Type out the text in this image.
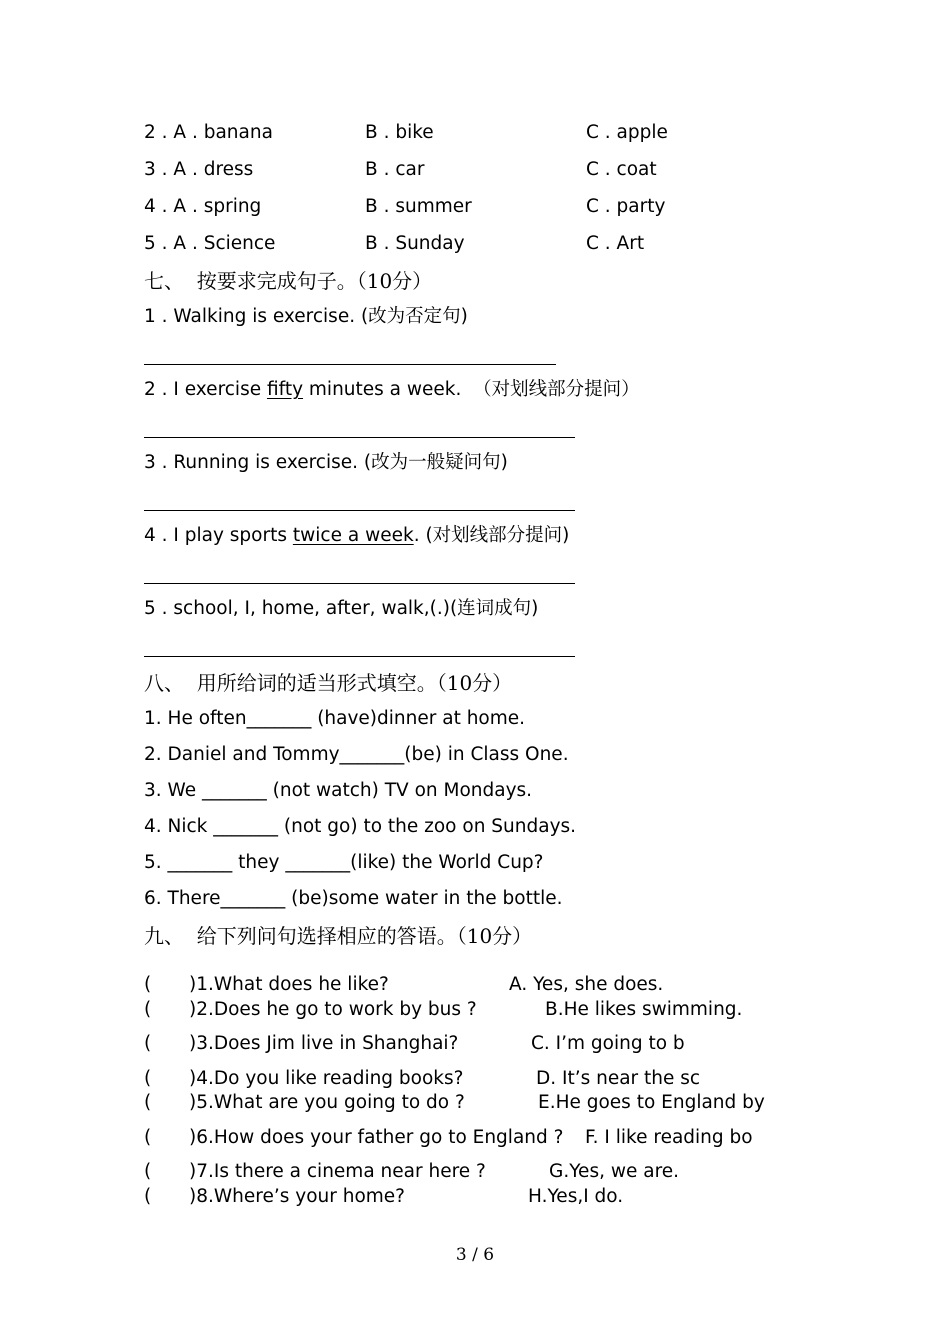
2 . A . banana	B . bike	C . apple
3 . A . dress	B . car	C . coat
4 . A . spring	B . summer	C . party
5 . A . Science	B . Sunday	C . Art
七、  按要求完成句子。（10分）
1 . Walking is exercise. (改为否定句)
2 . I exercise fifty minutes a week.  （对划线部分提问）
3 . Running is exercise. (改为一般疑问句)
4 . I play sports twice a week. (对划线部分提问)
5 . school, I, home, after, walk,(.)(连词成句)
八、  用所给词的适当形式填空。（10分）
1. He often_______ (have)dinner at home.
2. Daniel and Tommy_______(be) in Class One.
3. We _______ (not watch) TV on Mondays.
4. Nick _______ (not go) to the zoo on Sundays.
5. _______ they _______(like) the World Cup?
6. There_______ (be)some water in the bottle.
九、  给下列问句选择相应的答语。（10分）
( )1.What does he like?	A. Yes, she does.
( )2.Does he go to work by bus ?	B.He likes swimming.
( )3.Does Jim live in Shanghai?	C. I’m going to b
( )4.Do you like reading books?	D. It’s near the sc
( )5.What are you going to do ?	E.He goes to England by
( )6.How does your father go to England ? F. I like reading bo
( )7.Is there a cinema near here ?	G.Yes, we are.
( )8.Where’s your home?	H.Yes,I do.
3 / 6
